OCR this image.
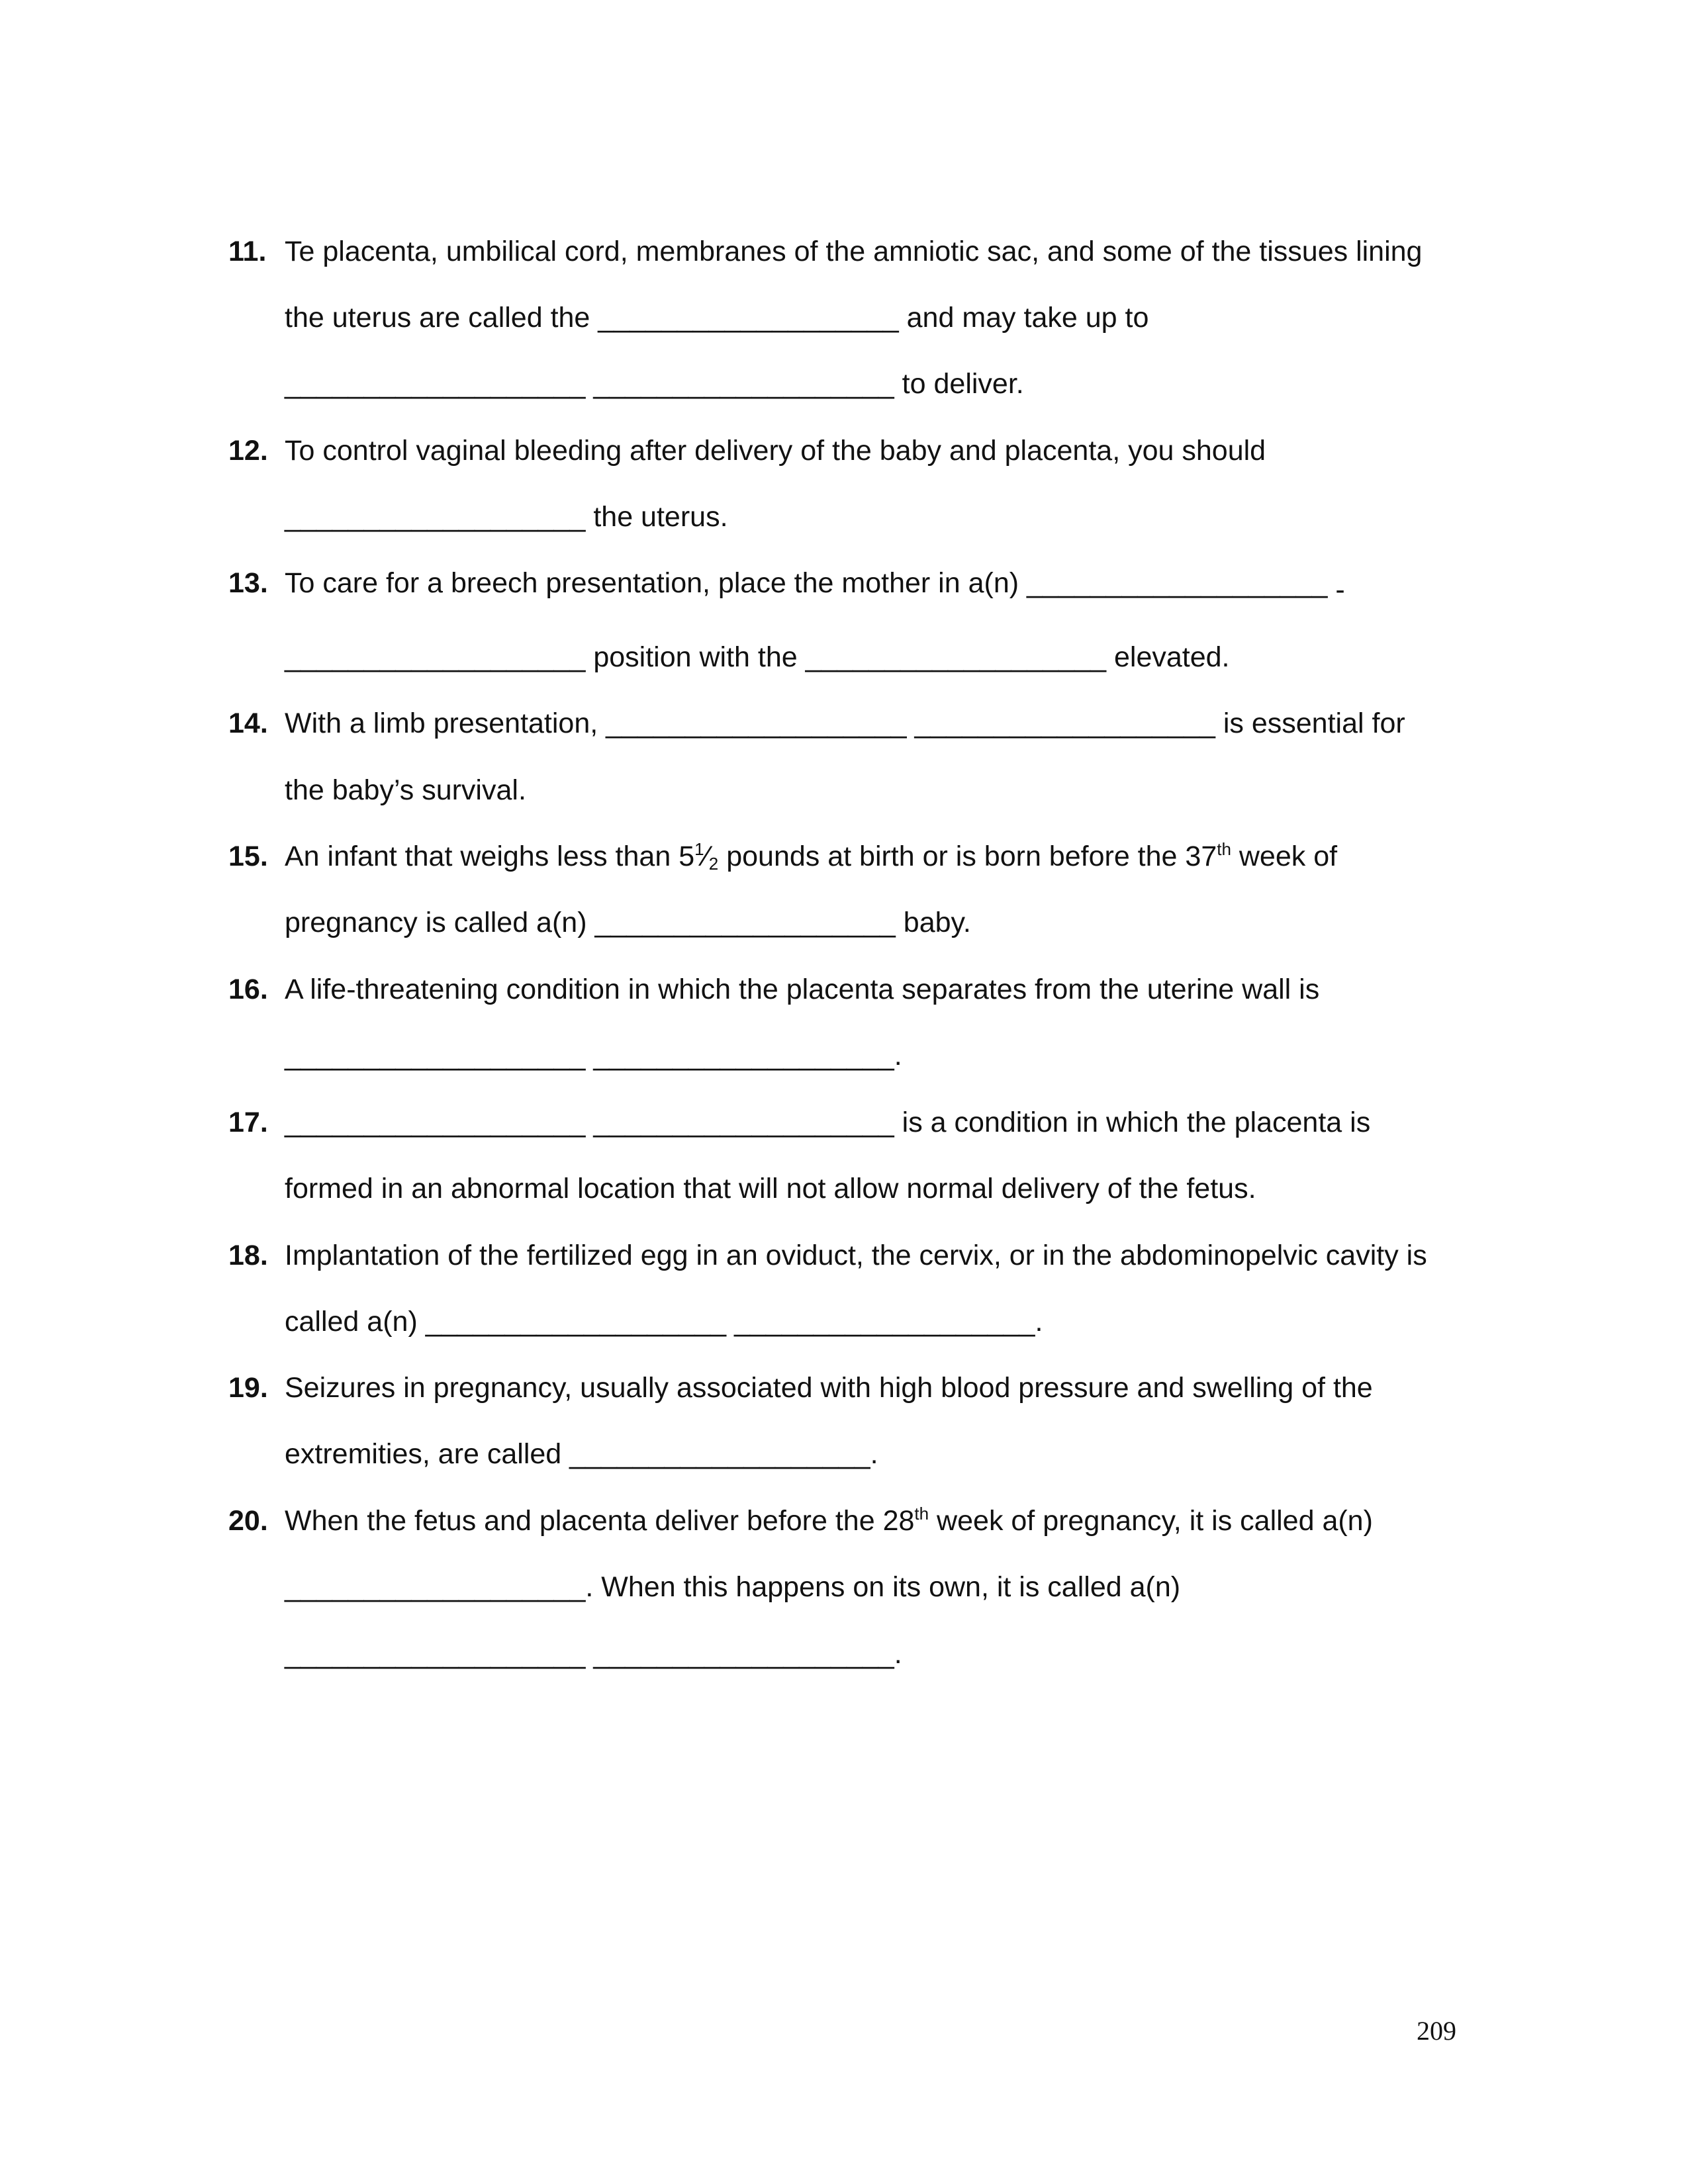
11. Te placenta, umbilical cord, membranes of the amniotic sac, and some of the tissues lining
the uterus are called the ___________________ and may take up to
___________________ ___________________ to deliver.
12. To control vaginal bleeding after delivery of the baby and placenta, you should
___________________ the uterus.
13. To care for a breech presentation, place the mother in a(n) ___________________ -
___________________ position with the ___________________ elevated.
14. With a limb presentation, ___________________ ___________________ is essential for
the baby’s survival.
15. An infant that weighs less than $5^1⁄2$ pounds at birth or is born before the 37th week of
pregnancy is called a(n) ___________________ baby.
16. A life-threatening condition in which the placenta separates from the uterine wall is
___________________ ___________________.
17. ___________________ ___________________ is a condition in which the placenta is
formed in an abnormal location that will not allow normal delivery of the fetus.
18. Implantation of the fertilized egg in an oviduct, the cervix, or in the abdominopelvic cavity is
called a(n) ___________________ ___________________.
19. Seizures in pregnancy, usually associated with high blood pressure and swelling of the
extremities, are called ___________________.
20. When the fetus and placenta deliver before the 28th week of pregnancy, it is called a(n)
___________________. When this happens on its own, it is called a(n)
___________________ ___________________.
209
